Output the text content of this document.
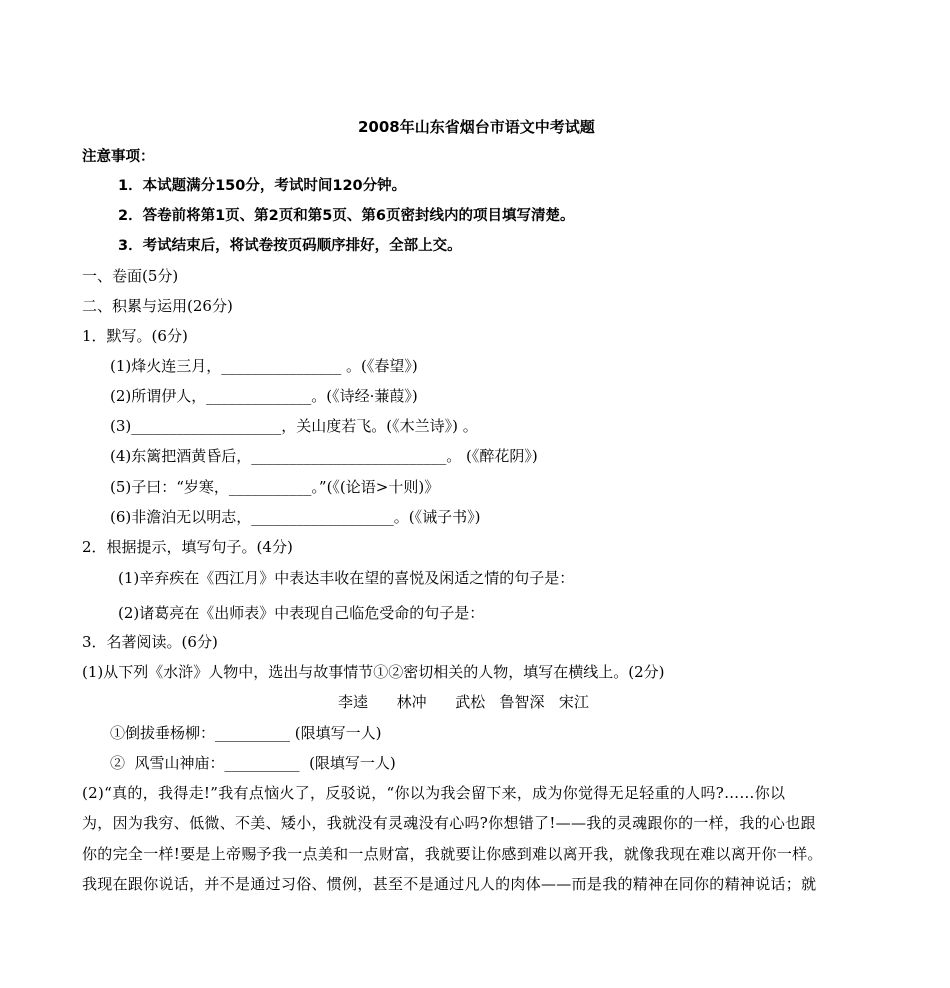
2008年山东省烟台市语文中考试题
注意事项：
1．本试题满分150分，考试时间120分钟。
2．答卷前将第1页、第2页和第5页、第6页密封线内的项目填写清楚。
3．考试结束后，将试卷按页码顺序排好，全部上交。
一、卷面(5分)
二、积累与运用(26分)
1．默写。(6分)
(1)烽火连三月，________________ 。(《春望》)
(2)所谓伊人，______________。(《诗经·蒹葭》)
(3)____________________，关山度若飞。(《木兰诗》) 。
(4)东篱把酒黄昏后，__________________________。 (《醉花阴》)
(5)子曰：“岁寒，___________。”(《(论语>十则)》
(6)非澹泊无以明志，___________________。(《诫子书》)
2．根据提示，填写句子。(4分)
(1)辛弃疾在《西江月》中表达丰收在望的喜悦及闲适之情的句子是：
(2)诸葛亮在《出师表》中表现自己临危受命的句子是：
3．名著阅读。(6分)
(1)从下列《水浒》人物中，选出与故事情节①②密切相关的人物，填写在横线上。(2分)
李逵      林冲      武松   鲁智深   宋江
①倒拔垂杨柳：__________ (限填写一人)
②  风雪山神庙：__________  (限填写一人)
(2)“真的，我得走!”我有点恼火了，反驳说，“你以为我会留下来，成为你觉得无足轻重的人吗?……你以
为，因为我穷、低微、不美、矮小，我就没有灵魂没有心吗?你想错了!——我的灵魂跟你的一样，我的心也跟
你的完全一样!要是上帝赐予我一点美和一点财富，我就要让你感到难以离开我，就像我现在难以离开你一样。
我现在跟你说话，并不是通过习俗、惯例，甚至不是通过凡人的肉体——而是我的精神在同你的精神说话；就
